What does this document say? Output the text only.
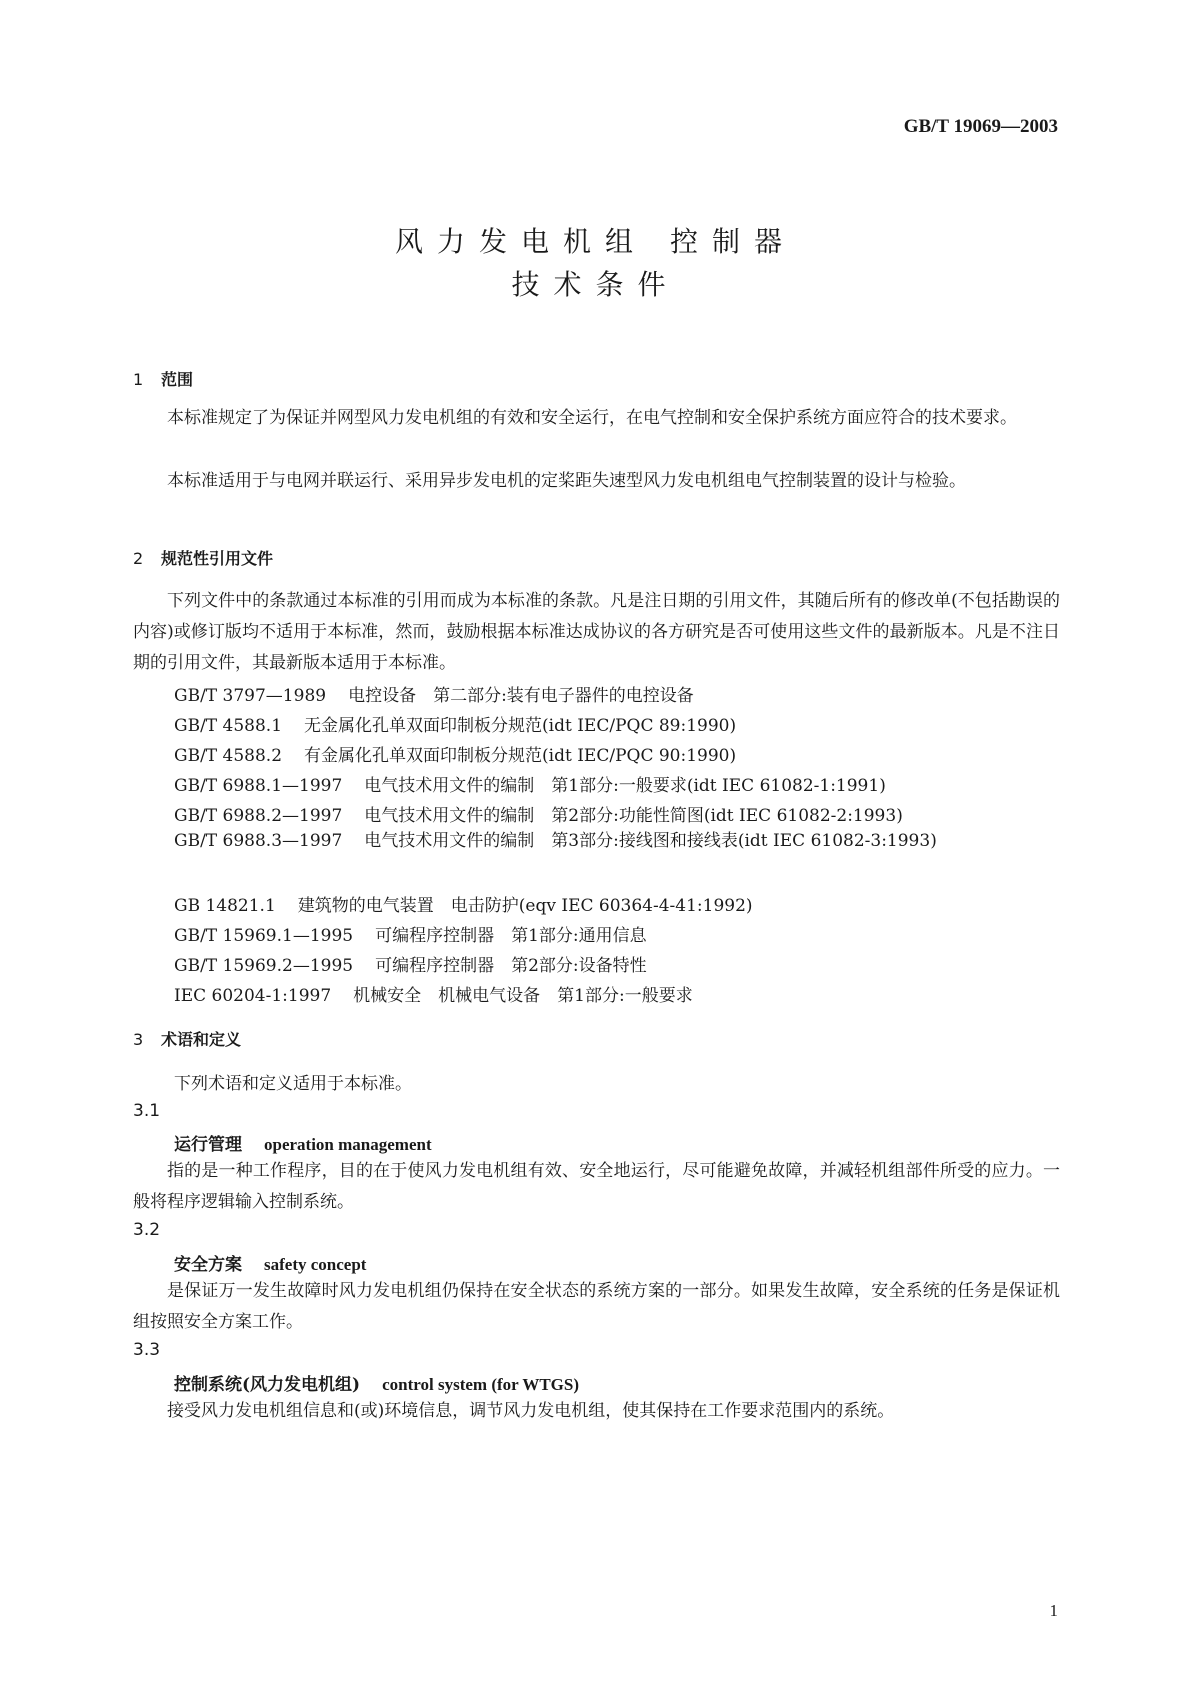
GB/T 19069—2003
风力发电机组 控制器
技术条件
1 范围
本标准规定了为保证并网型风力发电机组的有效和安全运行，在电气控制和安全保护系统方面应符合的技术要求。
本标准适用于与电网并联运行、采用异步发电机的定桨距失速型风力发电机组电气控制装置的设计与检验。
2 规范性引用文件
下列文件中的条款通过本标准的引用而成为本标准的条款。凡是注日期的引用文件，其随后所有的修改单(不包括勘误的内容)或修订版均不适用于本标准，然而，鼓励根据本标准达成协议的各方研究是否可使用这些文件的最新版本。凡是不注日期的引用文件，其最新版本适用于本标准。
GB/T 3797—1989 电控设备　第二部分:装有电子器件的电控设备
GB/T 4588.1 无金属化孔单双面印制板分规范(idt IEC/PQC 89:1990)
GB/T 4588.2 有金属化孔单双面印制板分规范(idt IEC/PQC 90:1990)
GB/T 6988.1—1997 电气技术用文件的编制　第1部分:一般要求(idt IEC 61082-1:1991)
GB/T 6988.2—1997 电气技术用文件的编制　第2部分:功能性简图(idt IEC 61082-2:1993)
GB/T 6988.3—1997 电气技术用文件的编制　第3部分:接线图和接线表(idt IEC 61082-3:1993)
GB 14821.1 建筑物的电气装置　电击防护(eqv IEC 60364-4-41:1992)
GB/T 15969.1—1995 可编程序控制器　第1部分:通用信息
GB/T 15969.2—1995 可编程序控制器　第2部分:设备特性
IEC 60204-1:1997 机械安全　机械电气设备　第1部分:一般要求
3 术语和定义
下列术语和定义适用于本标准。
3.1
运行管理 operation management
指的是一种工作程序，目的在于使风力发电机组有效、安全地运行，尽可能避免故障，并减轻机组部件所受的应力。一般将程序逻辑输入控制系统。
3.2
安全方案 safety concept
是保证万一发生故障时风力发电机组仍保持在安全状态的系统方案的一部分。如果发生故障，安全系统的任务是保证机组按照安全方案工作。
3.3
控制系统(风力发电机组) control system (for WTGS)
接受风力发电机组信息和(或)环境信息，调节风力发电机组，使其保持在工作要求范围内的系统。
1
